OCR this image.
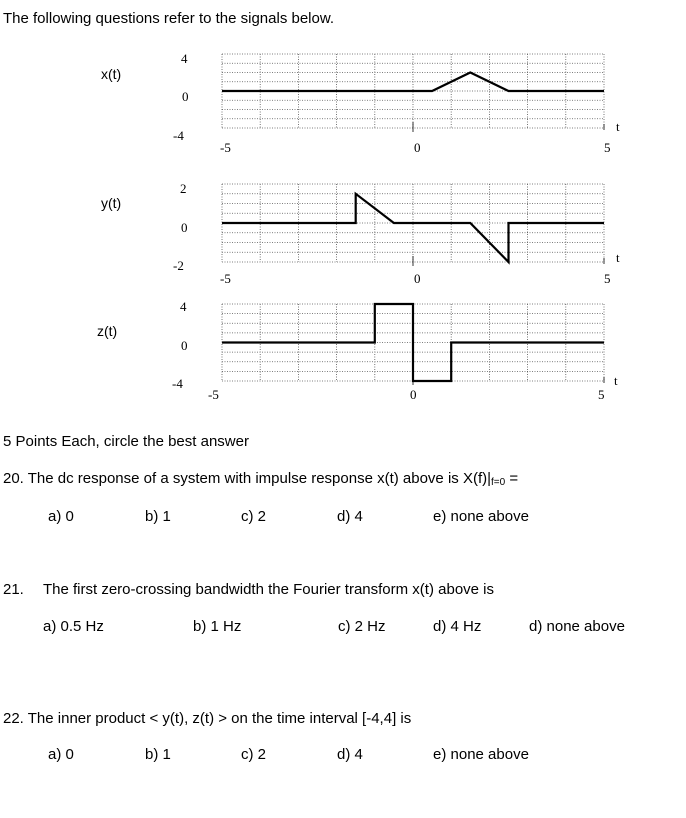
The following questions refer to the signals below.
x(t)
y(t)
z(t)
4
0
-4
-5	0	5
t
2
0
-2
-5	0	5
t
4
0
-4
-5	0	5
t
5 Points Each, circle the best answer
20. The dc response of a system with impulse response x(t) above is $X(f)|_{f=0}$ =
a) 0	b) 1	c) 2	d) 4	e) none above
21. The first zero-crossing bandwidth the Fourier transform x(t) above is
a) 0.5 Hz	b) 1 Hz	c) 2 Hz	d) 4 Hz	d) none above
22. The inner product < y(t), z(t) > on the time interval [-4,4] is
a) 0	b) 1	c) 2	d) 4	e) none above
